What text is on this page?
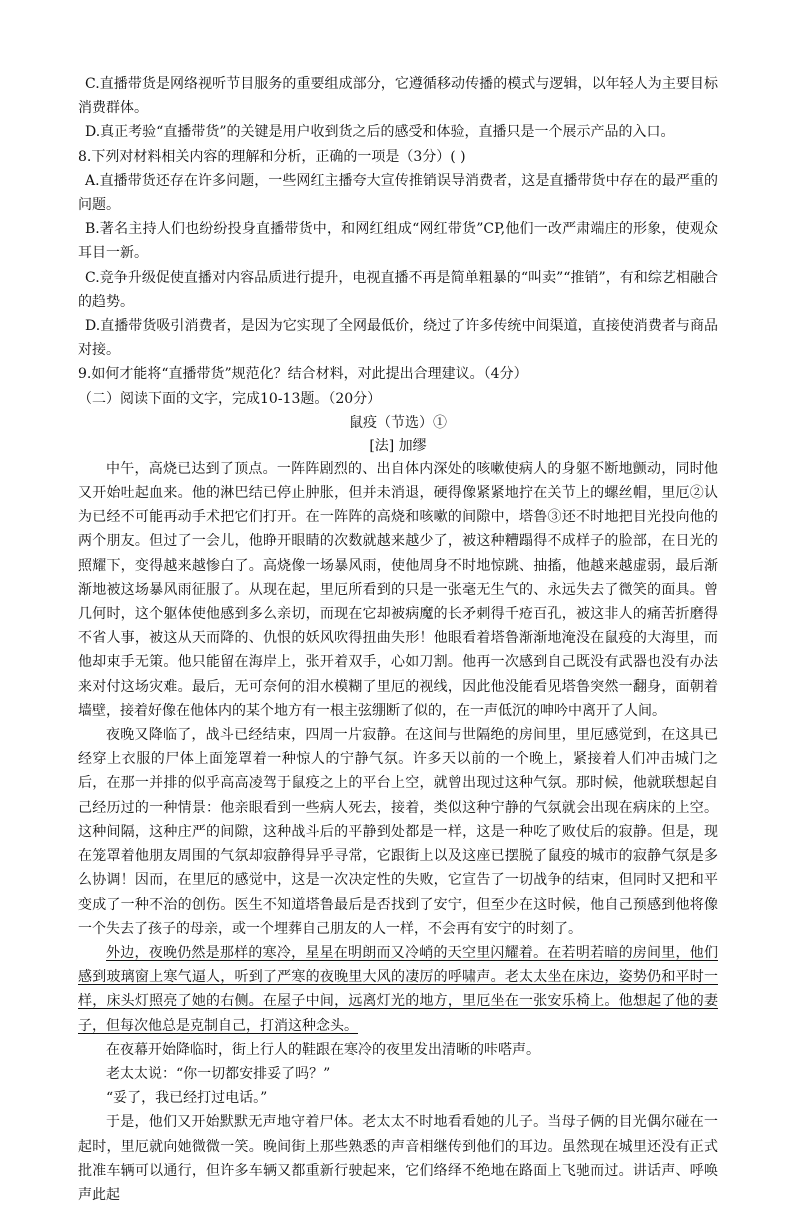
C.直播带货是网络视听节目服务的重要组成部分，它遵循移动传播的模式与逻辑，以年轻人为主要目标消费群体。

D.真正考验“直播带货”的关键是用户收到货之后的感受和体验，直播只是一个展示产品的入口。

8.下列对材料相关内容的理解和分析，正确的一项是（3分）( )

A.直播带货还存在许多问题，一些网红主播夸大宣传推销误导消费者，这是直播带货中存在的最严重的问题。

B.著名主持人们也纷纷投身直播带货中，和网红组成“网红带货”CP,他们一改严肃端庄的形象，使观众耳目一新。

C.竞争升级促使直播对内容品质进行提升，电视直播不再是简单粗暴的“叫卖”“推销”，有和综艺相融合的趋势。

D.直播带货吸引消费者，是因为它实现了全网最低价，绕过了许多传统中间渠道，直接使消费者与商品对接。

9.如何才能将“直播带货”规范化？结合材料，对此提出合理建议。（4分）

（二）阅读下面的文字，完成10-13题。（20分）

鼠疫（节选）①

[法] 加缪

中午，高烧已达到了顶点。一阵阵剧烈的、出自体内深处的咳嗽使病人的身躯不断地颤动，同时他又开始吐起血来。他的淋巴结已停止肿胀，但并未消退，硬得像紧紧地拧在关节上的螺丝帽，里厄②认为已经不可能再动手术把它们打开。在一阵阵的高烧和咳嗽的间隙中，塔鲁③还不时地把目光投向他的两个朋友。但过了一会儿，他睁开眼睛的次数就越来越少了，被这种糟蹋得不成样子的脸部，在日光的照耀下，变得越来越惨白了。高烧像一场暴风雨，使他周身不时地惊跳、抽搐，他越来越虚弱，最后渐渐地被这场暴风雨征服了。从现在起，里厄所看到的只是一张毫无生气的、永远失去了微笑的面具。曾几何时，这个躯体使他感到多么亲切，而现在它却被病魔的长矛刺得千疮百孔，被这非人的痛苦折磨得不省人事，被这从天而降的、仇恨的妖风吹得扭曲失形！他眼看着塔鲁渐渐地淹没在鼠疫的大海里，而他却束手无策。他只能留在海岸上，张开着双手，心如刀割。他再一次感到自己既没有武器也没有办法来对付这场灾难。最后，无可奈何的泪水模糊了里厄的视线，因此他没能看见塔鲁突然一翻身，面朝着墙壁，接着好像在他体内的某个地方有一根主弦绷断了似的，在一声低沉的呻吟中离开了人间。

夜晚又降临了，战斗已经结束，四周一片寂静。在这间与世隔绝的房间里，里厄感觉到，在这具已经穿上衣服的尸体上面笼罩着一种惊人的宁静气氛。许多天以前的一个晚上，紧接着人们冲击城门之后，在那一并排的似乎高高凌驾于鼠疫之上的平台上空，就曾出现过这种气氛。那时候，他就联想起自己经历过的一种情景：他亲眼看到一些病人死去，接着，类似这种宁静的气氛就会出现在病床的上空。这种间隔，这种庄严的间隙，这种战斗后的平静到处都是一样，这是一种吃了败仗后的寂静。但是，现在笼罩着他朋友周围的气氛却寂静得异乎寻常，它跟街上以及这座已摆脱了鼠疫的城市的寂静气氛是多么协调！因而，在里厄的感觉中，这是一次决定性的失败，它宣告了一切战争的结束，但同时又把和平变成了一种不治的创伤。医生不知道塔鲁最后是否找到了安宁，但至少在这时候，他自己预感到他将像一个失去了孩子的母亲，或一个埋葬自己朋友的人一样，不会再有安宁的时刻了。

外边，夜晚仍然是那样的寒冷，星星在明朗而又冷峭的天空里闪耀着。在若明若暗的房间里，他们感到玻璃窗上寒气逼人，听到了严寒的夜晚里大风的凄厉的呼啸声。老太太坐在床边，姿势仍和平时一样，床头灯照亮了她的右侧。在屋子中间，远离灯光的地方，里厄坐在一张安乐椅上。他想起了他的妻子，但每次他总是克制自己，打消这种念头。

在夜幕开始降临时，街上行人的鞋跟在寒冷的夜里发出清晰的咔嗒声。

老太太说：“你一切都安排妥了吗？”

“妥了，我已经打过电话。”

于是，他们又开始默默无声地守着尸体。老太太不时地看看她的儿子。当母子俩的目光偶尔碰在一起时，里厄就向她微微一笑。晚间街上那些熟悉的声音相继传到他们的耳边。虽然现在城里还没有正式批准车辆可以通行，但许多车辆又都重新行驶起来，它们络绎不绝地在路面上飞驰而过。讲话声、呼唤声此起
